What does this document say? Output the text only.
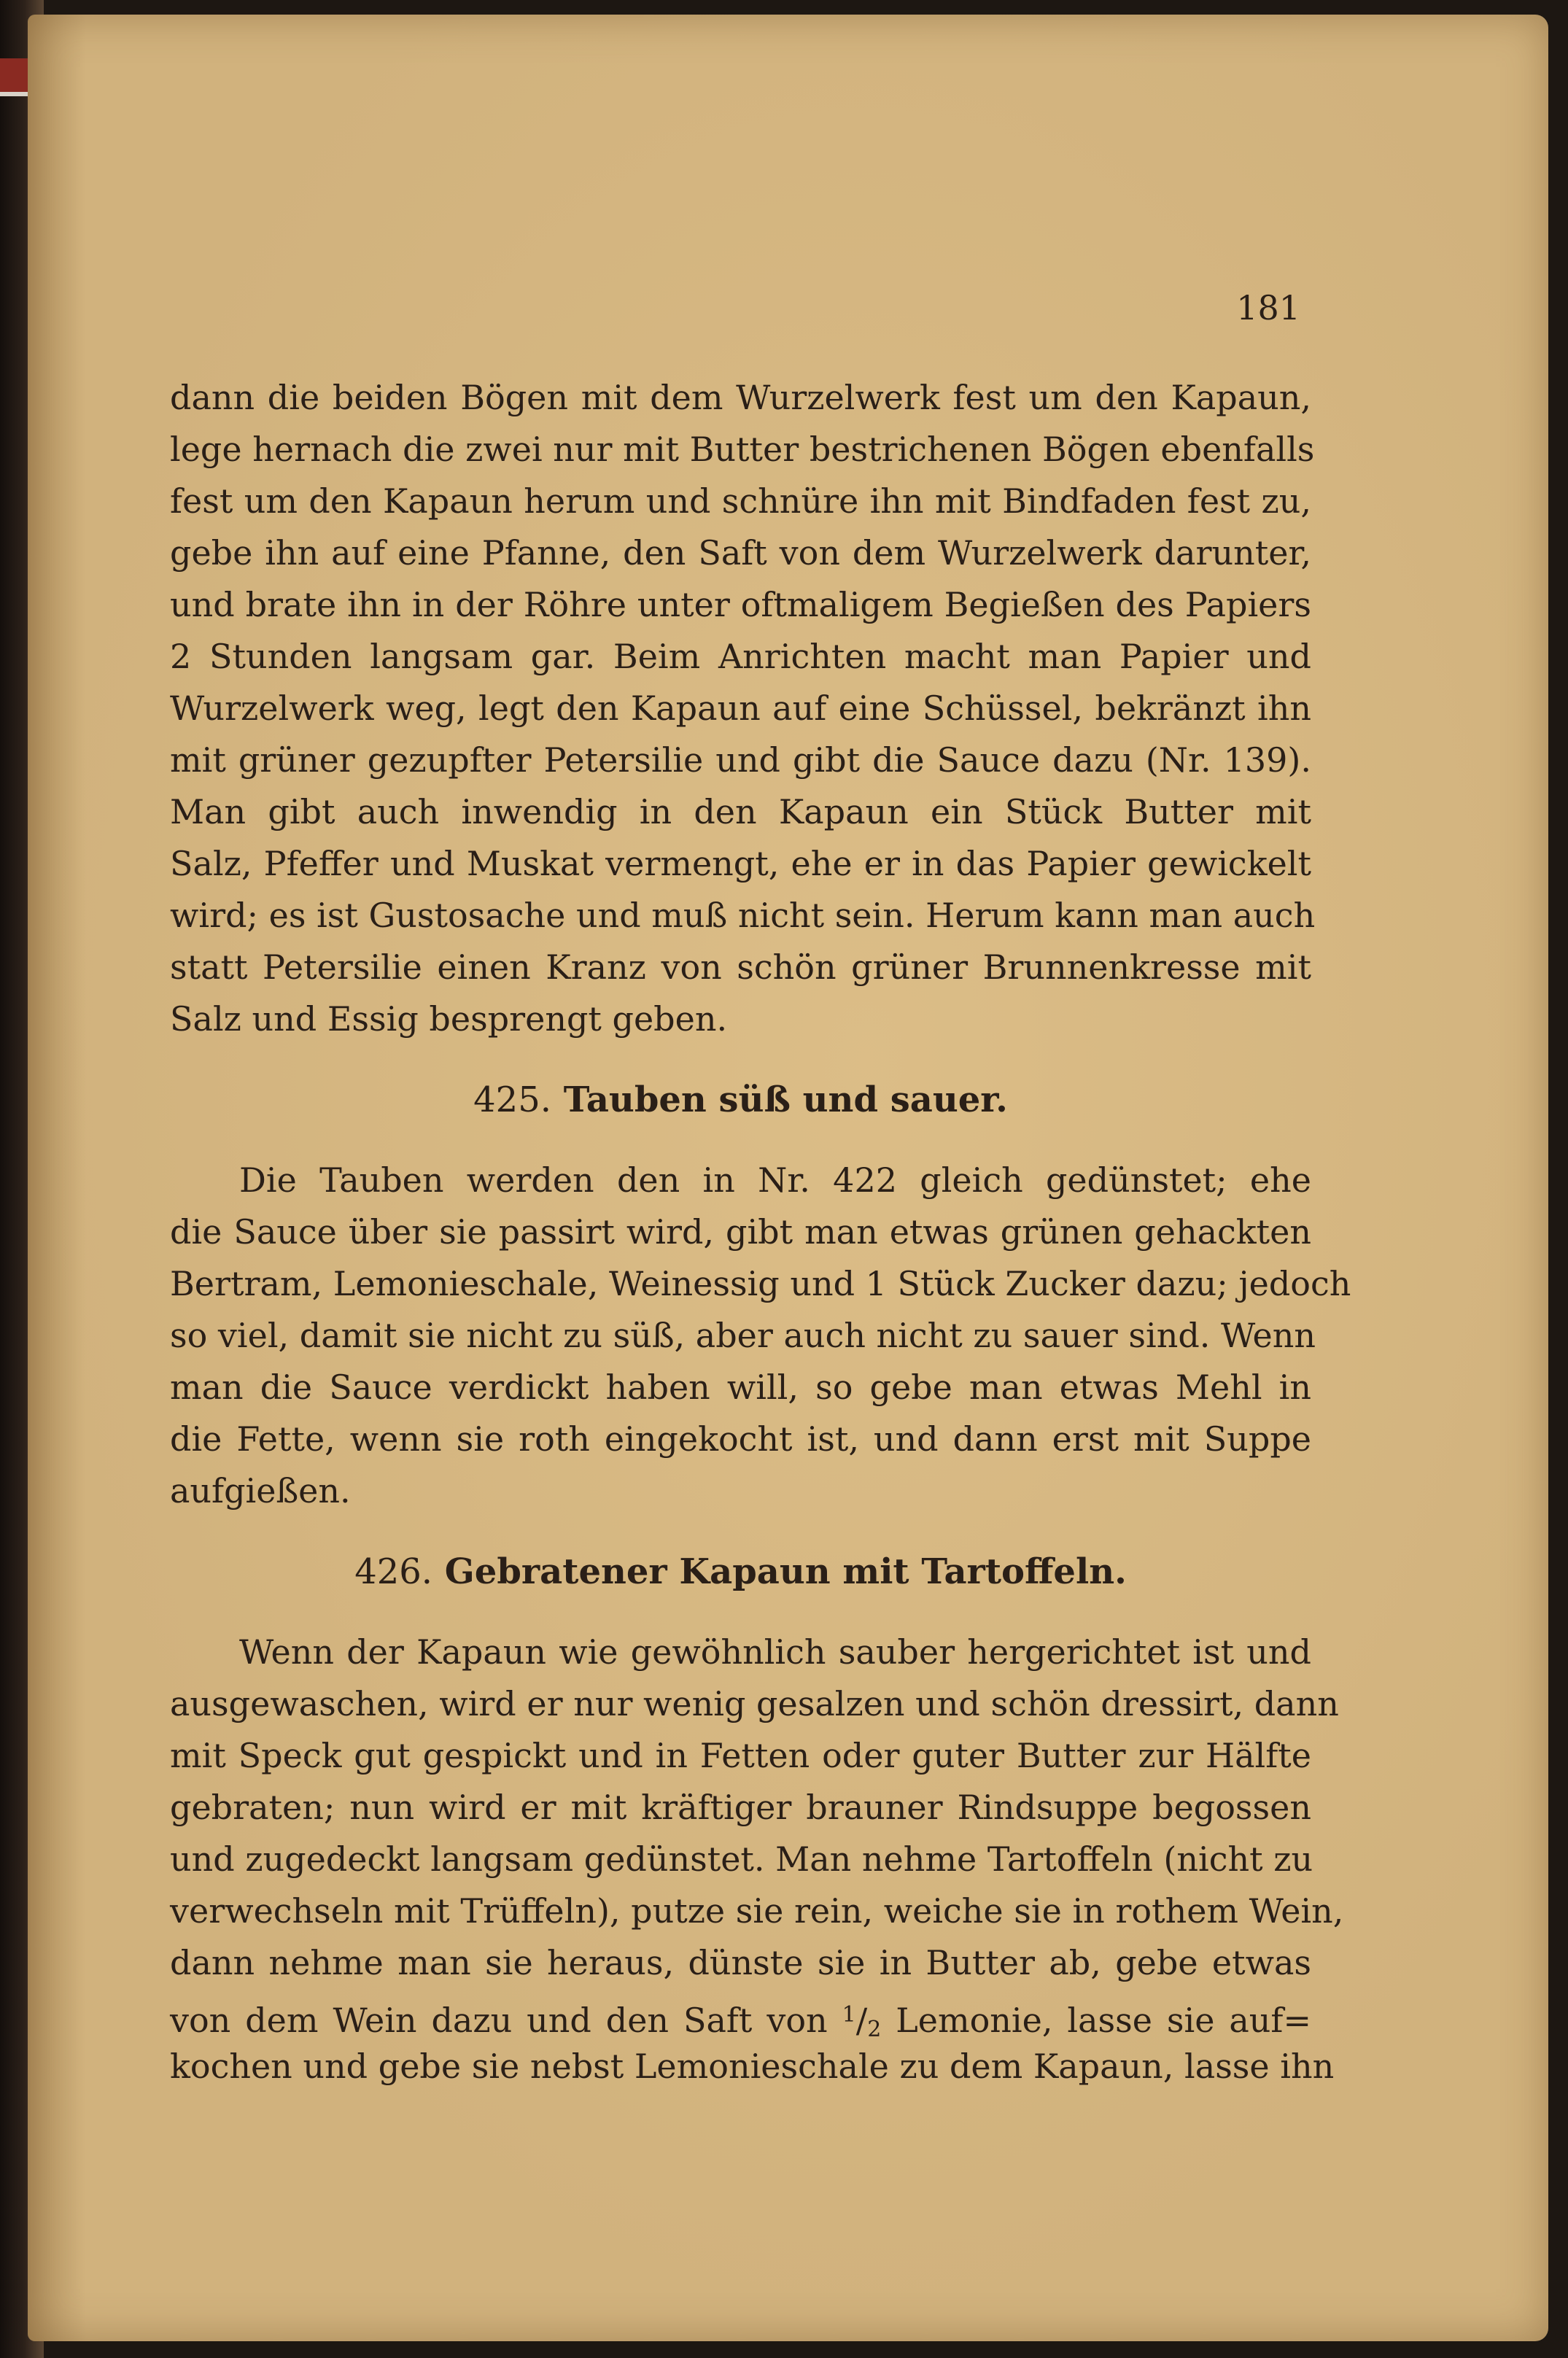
181
dann die beiden Bögen mit dem Wurzelwerk fest um den Kapaun,
lege hernach die zwei nur mit Butter bestrichenen Bögen ebenfalls
fest um den Kapaun herum und schnüre ihn mit Bindfaden fest zu,
gebe ihn auf eine Pfanne, den Saft von dem Wurzelwerk darunter,
und brate ihn in der Röhre unter oftmaligem Begießen des Papiers
2 Stunden langsam gar. Beim Anrichten macht man Papier und
Wurzelwerk weg, legt den Kapaun auf eine Schüssel, bekränzt ihn
mit grüner gezupfter Petersilie und gibt die Sauce dazu (Nr. 139).
Man gibt auch inwendig in den Kapaun ein Stück Butter mit
Salz, Pfeffer und Muskat vermengt, ehe er in das Papier gewickelt
wird; es ist Gustosache und muß nicht sein. Herum kann man auch
statt Petersilie einen Kranz von schön grüner Brunnenkresse mit
Salz und Essig besprengt geben.
425. Tauben süß und sauer.
Die Tauben werden den in Nr. 422 gleich gedünstet; ehe
die Sauce über sie passirt wird, gibt man etwas grünen gehackten
Bertram, Lemonieschale, Weinessig und 1 Stück Zucker dazu; jedoch
so viel, damit sie nicht zu süß, aber auch nicht zu sauer sind. Wenn
man die Sauce verdickt haben will, so gebe man etwas Mehl in
die Fette, wenn sie roth eingekocht ist, und dann erst mit Suppe
aufgießen.
426. Gebratener Kapaun mit Tartoffeln.
Wenn der Kapaun wie gewöhnlich sauber hergerichtet ist und
ausgewaschen, wird er nur wenig gesalzen und schön dressirt, dann
mit Speck gut gespickt und in Fetten oder guter Butter zur Hälfte
gebraten; nun wird er mit kräftiger brauner Rindsuppe begossen
und zugedeckt langsam gedünstet. Man nehme Tartoffeln (nicht zu
verwechseln mit Trüffeln), putze sie rein, weiche sie in rothem Wein,
dann nehme man sie heraus, dünste sie in Butter ab, gebe etwas
von dem Wein dazu und den Saft von $^1$/2 Lemonie, lasse sie auf=
kochen und gebe sie nebst Lemonieschale zu dem Kapaun, lasse ihn
